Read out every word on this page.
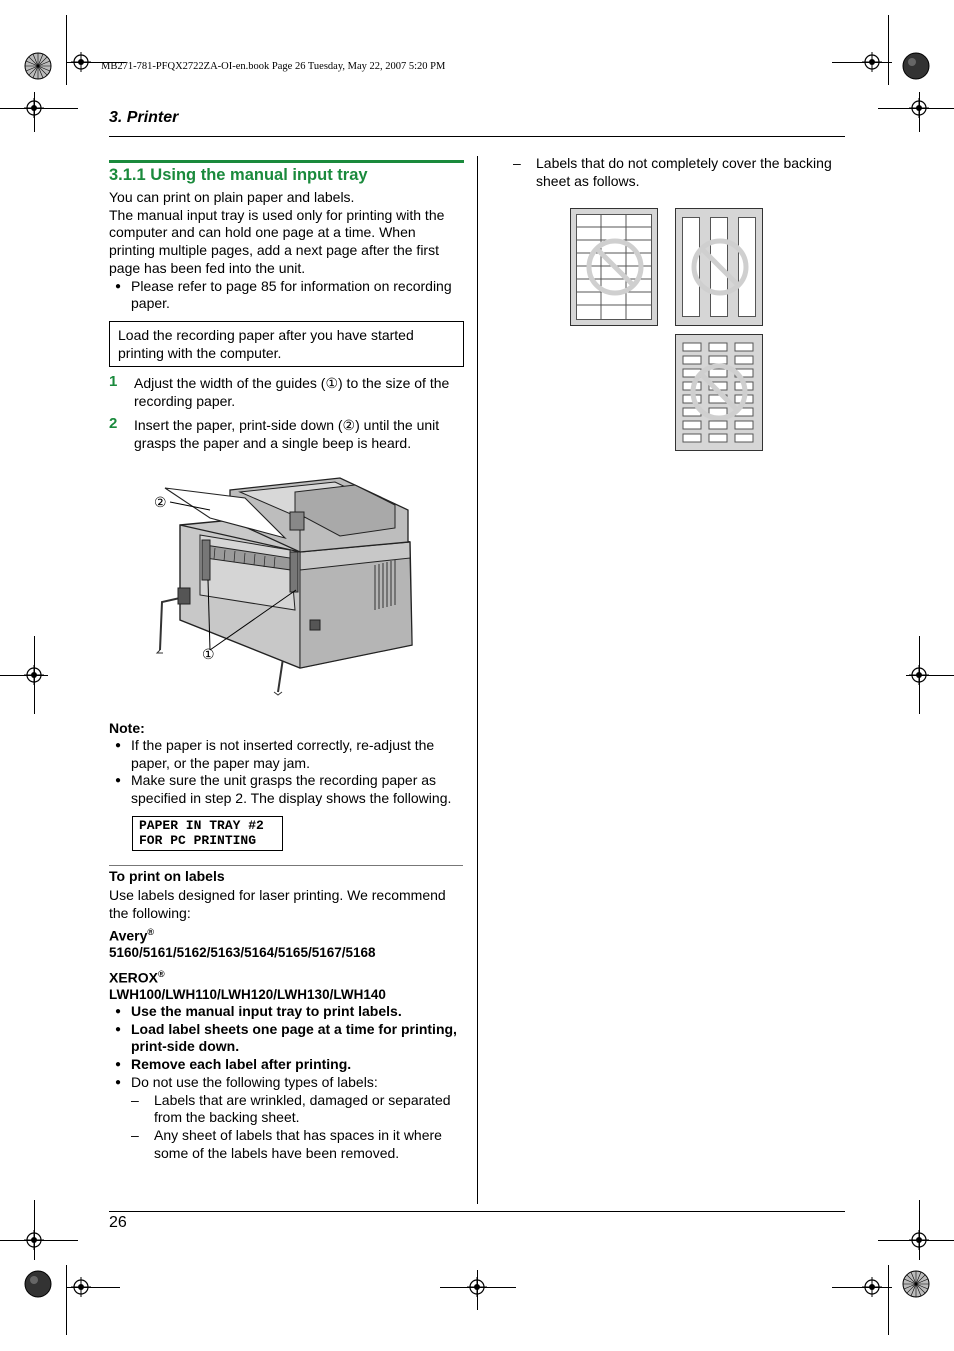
MB271-781-PFQX2722ZA-OI-en.book Page 26 Tuesday, May 22, 2007 5:20 PM
3. Printer
3.1.1 Using the manual input tray
You can print on plain paper and labels.
The manual input tray is used only for printing with the
computer and can hold one page at a time. When
printing multiple pages, add a next page after the first
page has been fed into the unit.
● Please refer to page 85 for information on recording
paper.
Load the recording paper after you have started
printing with the computer.
1 Adjust the width of the guides (①) to the size of the
recording paper.
2 Insert the paper, print-side down (②) until the unit
grasps the paper and a single beep is heard.
②
①
Note:
● If the paper is not inserted correctly, re-adjust the
paper, or the paper may jam.
● Make sure the unit grasps the recording paper as
specified in step 2. The display shows the following.
PAPER IN TRAY #2
FOR PC PRINTING
To print on labels
Use labels designed for laser printing. We recommend
the following:
Avery®
5160/5161/5162/5163/5164/5165/5167/5168
XEROX®
LWH100/LWH110/LWH120/LWH130/LWH140
● Use the manual input tray to print labels.
● Load label sheets one page at a time for printing,
print-side down.
● Remove each label after printing.
● Do not use the following types of labels:
– Labels that are wrinkled, damaged or separated
from the backing sheet.
– Any sheet of labels that has spaces in it where
some of the labels have been removed.
– Labels that do not completely cover the backing
sheet as follows.
26
